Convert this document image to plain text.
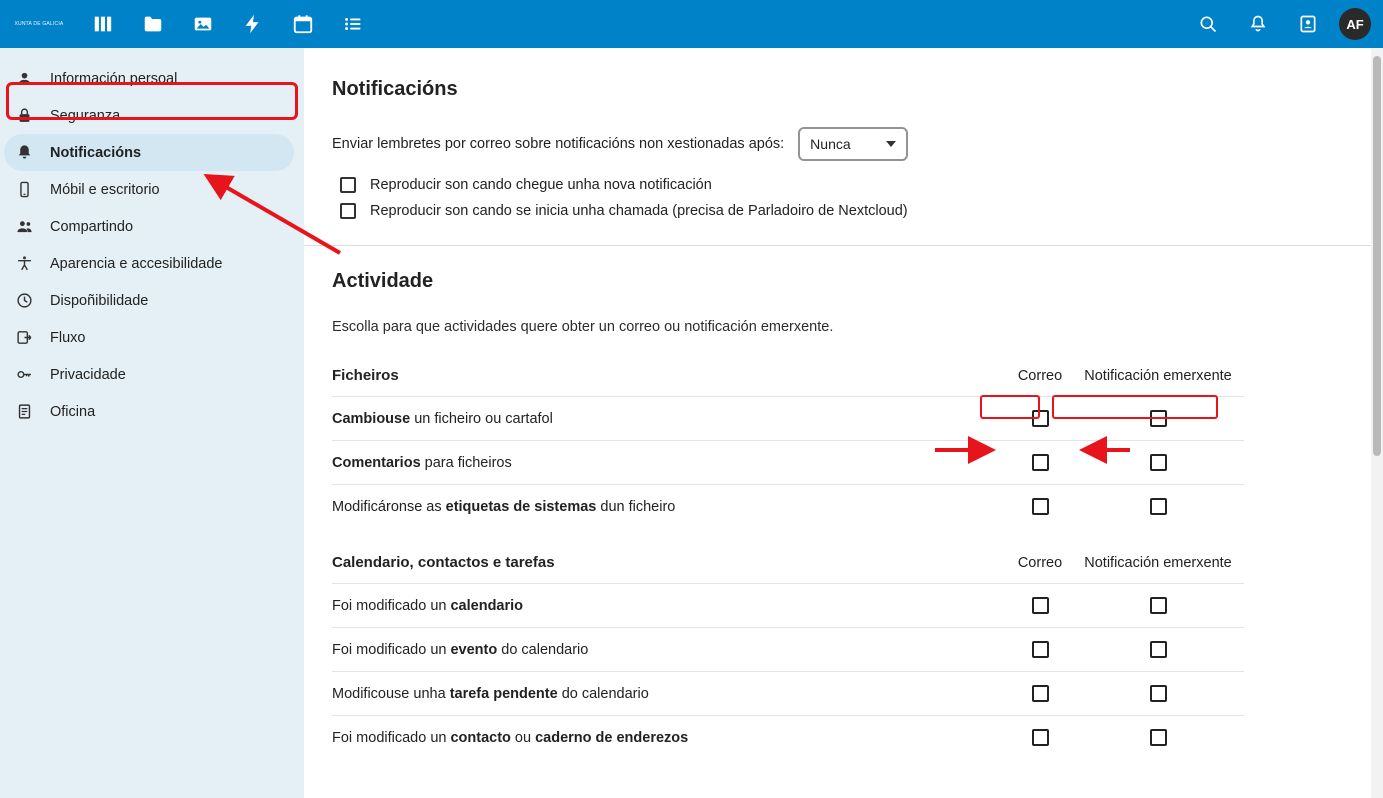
XUNTA DE GALICIA	AF
Información persoal
Seguranza
Notificacións
Móbil e escritorio
Compartindo
Aparencia e accesibilidade
Dispoñibilidade
Fluxo
Privacidade
Oficina
Notificacións
Enviar lembretes por correo sobre notificacións non xestionadas após: Nunca
Reproducir son cando chegue unha nova notificación
Reproducir son cando se inicia unha chamada (precisa de Parladoiro de Nextcloud)
Actividade

Escolla para que actividades quere obter un correo ou notificación emerxente.

Ficheiros	Correo	Notificación emerxente
Cambiouse un ficheiro ou cartafol
Comentarios para ficheiros
Modificáronse as etiquetas de sistemas dun ficheiro
Calendario, contactos e tarefas	Correo	Notificación emerxente
Foi modificado un calendario
Foi modificado un evento do calendario
Modificouse unha tarefa pendente do calendario
Foi modificado un contacto ou caderno de enderezos
